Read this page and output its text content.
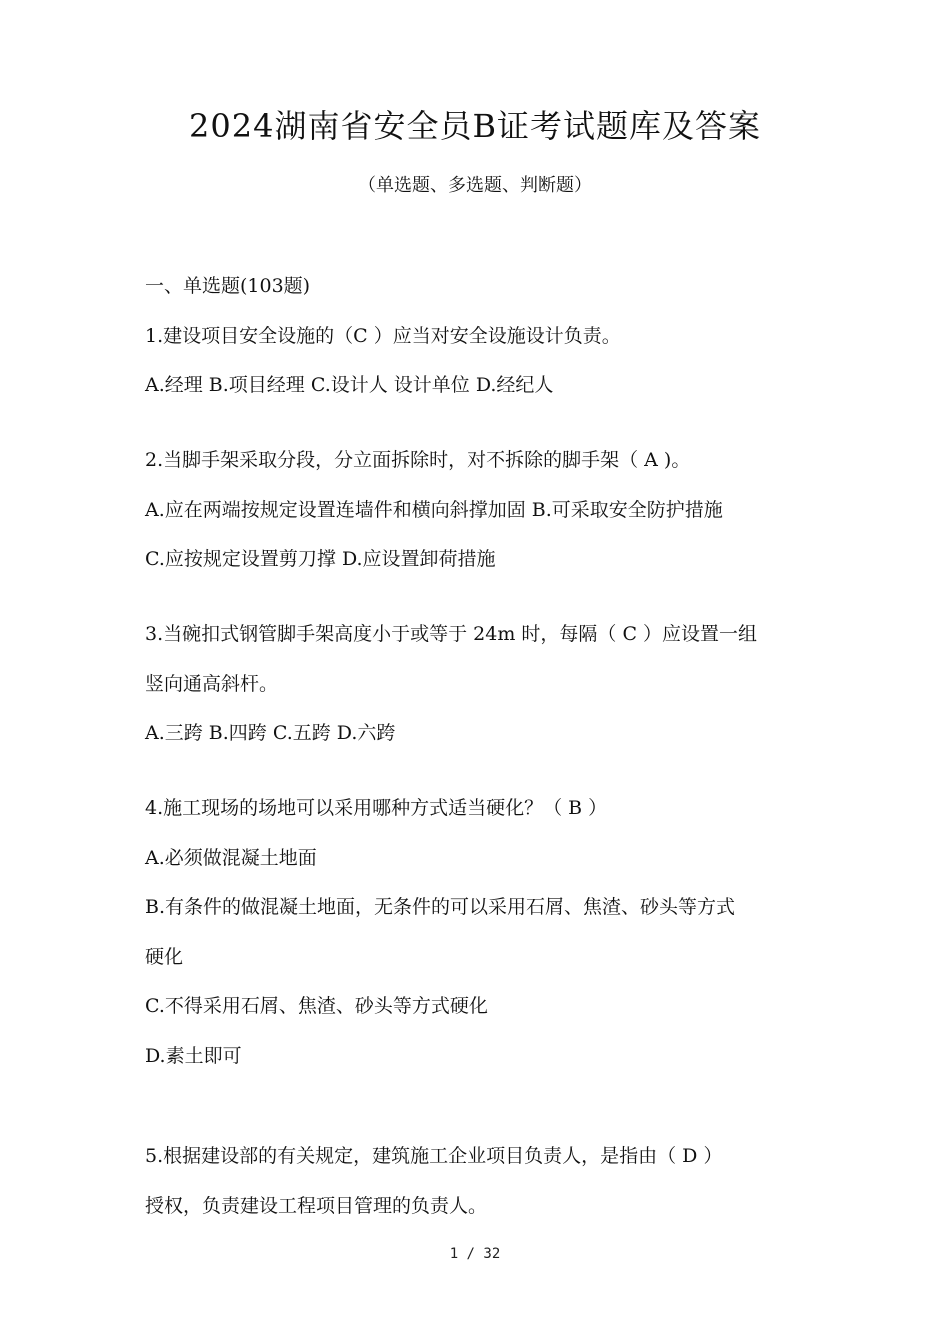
2024湖南省安全员B证考试题库及答案
（单选题、多选题、判断题）
一、单选题(103题)
1.建设项目安全设施的（C ）应当对安全设施设计负责。
A.经理 B.项目经理 C.设计人 设计单位 D.经纪人
2.当脚手架采取分段，分立面拆除时，对不拆除的脚手架（ A )。
A.应在两端按规定设置连墙件和横向斜撑加固 B.可采取安全防护措施
C.应按规定设置剪刀撑 D.应设置卸荷措施
3.当碗扣式钢管脚手架高度小于或等于 24m 时，每隔（ C ）应设置一组
竖向通高斜杆。
A.三跨 B.四跨 C.五跨 D.六跨
4.施工现场的场地可以采用哪种方式适当硬化？（ B ）
A.必须做混凝土地面
B.有条件的做混凝土地面，无条件的可以采用石屑、焦渣、砂头等方式
硬化
C.不得采用石屑、焦渣、砂头等方式硬化
D.素土即可
5.根据建设部的有关规定，建筑施工企业项目负责人，是指由（ D ）
授权，负责建设工程项目管理的负责人。
1 / 32
